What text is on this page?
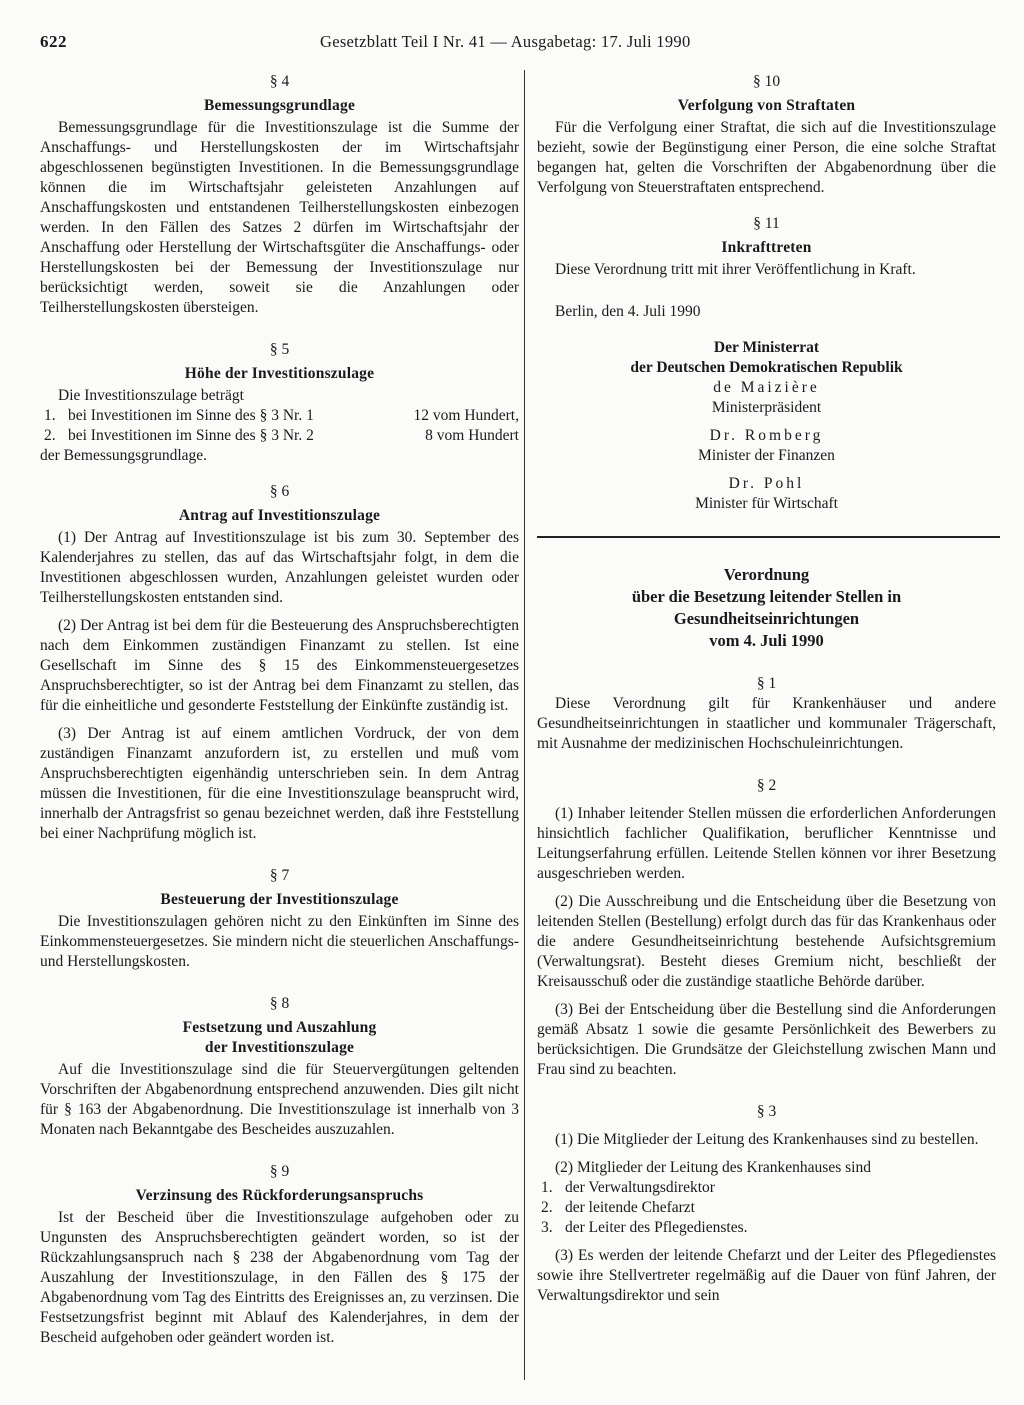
622	Gesetzblatt Teil I Nr. 41 — Ausgabetag: 17. Juli 1990

§ 4

Bemessungsgrundlage

Bemessungsgrundlage für die Investitionszulage ist die Summe der Anschaffungs- und Herstellungskosten der im Wirtschaftsjahr abgeschlossenen begünstigten Investitionen. In die Bemessungsgrundlage können die im Wirtschaftsjahr geleisteten Anzahlungen auf Anschaffungskosten und entstandenen Teilherstellungskosten einbezogen werden. In den Fällen des Satzes 2 dürfen im Wirtschaftsjahr der Anschaffung oder Herstellung der Wirtschaftsgüter die Anschaffungs- oder Herstellungskosten bei der Bemessung der Investitionszulage nur berücksichtigt werden, soweit sie die Anzahlungen oder Teilherstellungskosten übersteigen.

§ 5

Höhe der Investitionszulage

Die Investitionszulage beträgt

1. bei Investitionen im Sinne des § 3 Nr. 1	12 vom Hundert,
2. bei Investitionen im Sinne des § 3 Nr. 2	8 vom Hundert

der Bemessungsgrundlage.

§ 6

Antrag auf Investitionszulage

(1) Der Antrag auf Investitionszulage ist bis zum 30. September des Kalenderjahres zu stellen, das auf das Wirtschaftsjahr folgt, in dem die Investitionen abgeschlossen wurden, Anzahlungen geleistet wurden oder Teilherstellungskosten entstanden sind.

(2) Der Antrag ist bei dem für die Besteuerung des Anspruchsberechtigten nach dem Einkommen zuständigen Finanzamt zu stellen. Ist eine Gesellschaft im Sinne des § 15 des Einkommensteuergesetzes Anspruchsberechtigter, so ist der Antrag bei dem Finanzamt zu stellen, das für die einheitliche und gesonderte Feststellung der Einkünfte zuständig ist.

(3) Der Antrag ist auf einem amtlichen Vordruck, der von dem zuständigen Finanzamt anzufordern ist, zu erstellen und muß vom Anspruchsberechtigten eigenhändig unterschrieben sein. In dem Antrag müssen die Investitionen, für die eine Investitionszulage beansprucht wird, innerhalb der Antragsfrist so genau bezeichnet werden, daß ihre Feststellung bei einer Nachprüfung möglich ist.

§ 7

Besteuerung der Investitionszulage

Die Investitionszulagen gehören nicht zu den Einkünften im Sinne des Einkommensteuergesetzes. Sie mindern nicht die steuerlichen Anschaffungs- und Herstellungskosten.

§ 8

Festsetzung und Auszahlung

der Investitionszulage

Auf die Investitionszulage sind die für Steuervergütungen geltenden Vorschriften der Abgabenordnung entsprechend anzuwenden. Dies gilt nicht für § 163 der Abgabenordnung. Die Investitionszulage ist innerhalb von 3 Monaten nach Bekanntgabe des Bescheides auszuzahlen.

§ 9

Verzinsung des Rückforderungsanspruchs

Ist der Bescheid über die Investitionszulage aufgehoben oder zu Ungunsten des Anspruchsberechtigten geändert worden, so ist der Rückzahlungsanspruch nach § 238 der Abgabenordnung vom Tag der Auszahlung der Investitionszulage, in den Fällen des § 175 der Abgabenordnung vom Tag des Eintritts des Ereignisses an, zu verzinsen. Die Festsetzungsfrist beginnt mit Ablauf des Kalenderjahres, in dem der Bescheid aufgehoben oder geändert worden ist.

§ 10

Verfolgung von Straftaten

Für die Verfolgung einer Straftat, die sich auf die Investitionszulage bezieht, sowie der Begünstigung einer Person, die eine solche Straftat begangen hat, gelten die Vorschriften der Abgabenordnung über die Verfolgung von Steuerstraftaten entsprechend.

§ 11

Inkrafttreten

Diese Verordnung tritt mit ihrer Veröffentlichung in Kraft.

Berlin, den 4. Juli 1990

Der Ministerrat

der Deutschen Demokratischen Republik

de Maizière

Ministerpräsident

Dr. Romberg

Minister der Finanzen

Dr. Pohl

Minister für Wirtschaft

Verordnung

über die Besetzung leitender Stellen in

Gesundheitseinrichtungen

vom 4. Juli 1990

§ 1

Diese Verordnung gilt für Krankenhäuser und andere Gesundheitseinrichtungen in staatlicher und kommunaler Trägerschaft, mit Ausnahme der medizinischen Hochschuleinrichtungen.

§ 2

(1) Inhaber leitender Stellen müssen die erforderlichen Anforderungen hinsichtlich fachlicher Qualifikation, beruflicher Kenntnisse und Leitungserfahrung erfüllen. Leitende Stellen können vor ihrer Besetzung ausgeschrieben werden.

(2) Die Ausschreibung und die Entscheidung über die Besetzung von leitenden Stellen (Bestellung) erfolgt durch das für das Krankenhaus oder die andere Gesundheitseinrichtung bestehende Aufsichtsgremium (Verwaltungsrat). Besteht dieses Gremium nicht, beschließt der Kreisausschuß oder die zuständige staatliche Behörde darüber.

(3) Bei der Entscheidung über die Bestellung sind die Anforderungen gemäß Absatz 1 sowie die gesamte Persönlichkeit des Bewerbers zu berücksichtigen. Die Grundsätze der Gleichstellung zwischen Mann und Frau sind zu beachten.

§ 3

(1) Die Mitglieder der Leitung des Krankenhauses sind zu bestellen.

(2) Mitglieder der Leitung des Krankenhauses sind

1. der Verwaltungsdirektor
2. der leitende Chefarzt
3. der Leiter des Pflegedienstes.

(3) Es werden der leitende Chefarzt und der Leiter des Pflegedienstes sowie ihre Stellvertreter regelmäßig auf die Dauer von fünf Jahren, der Verwaltungsdirektor und sein
